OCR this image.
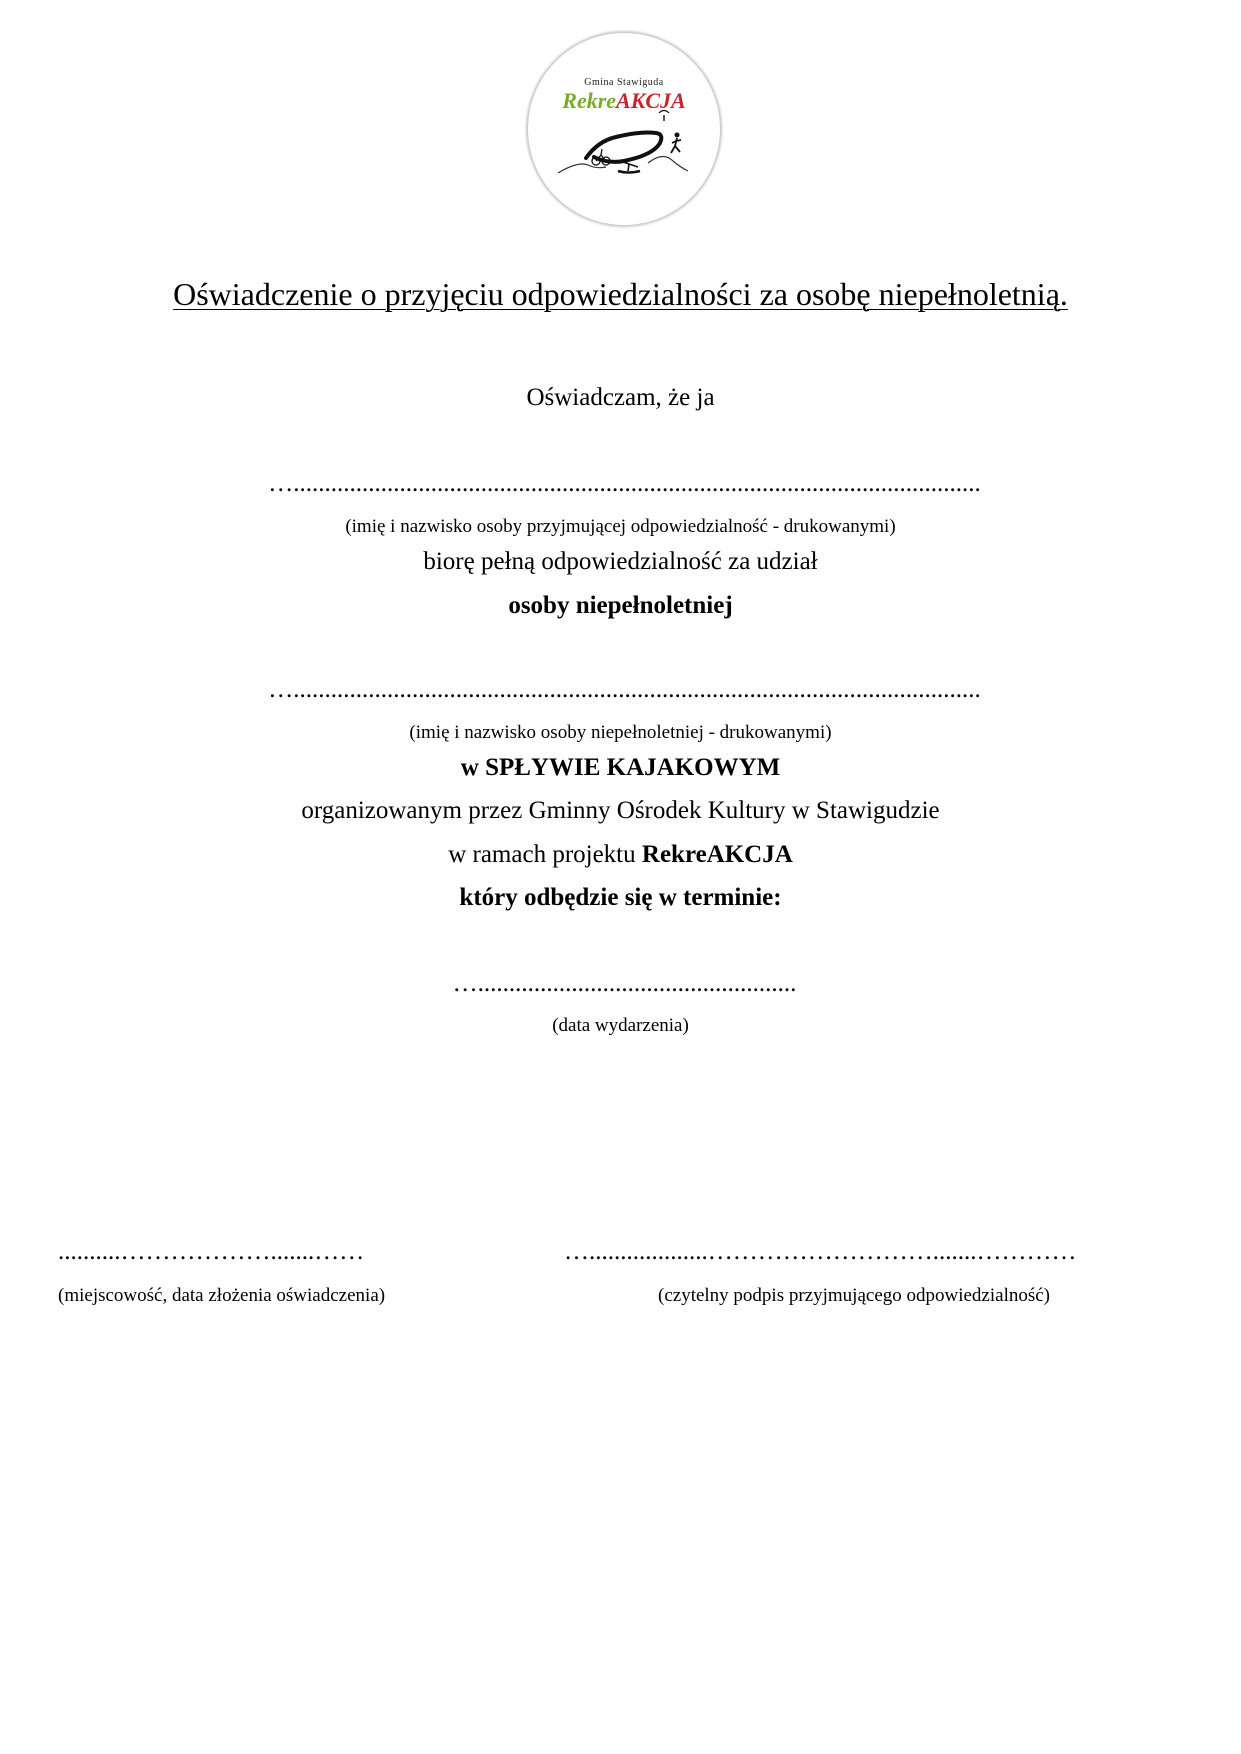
Gmina Stawiguda
RekreAKCJA
Oświadczenie o przyjęciu odpowiedzialności za osobę niepełnoletnią.
Oświadczam, że ja
…..............................................................................................................
(imię i nazwisko osoby przyjmującej odpowiedzialność - drukowanymi)
biorę pełną odpowiedzialność za udział
osoby niepełnoletniej
…..............................................................................................................
(imię i nazwisko osoby niepełnoletniej - drukowanymi)
w SPŁYWIE KAJAKOWYM
organizowanym przez Gminny Ośrodek Kultury w Stawigudzie
w ramach projektu RekreAKCJA
który odbędzie się w terminie:
…...................................................
(data wydarzenia)
..........……………….......……	…...................……………………….......…………
(miejscowość, data złożenia oświadczenia)	(czytelny podpis przyjmującego odpowiedzialność)
